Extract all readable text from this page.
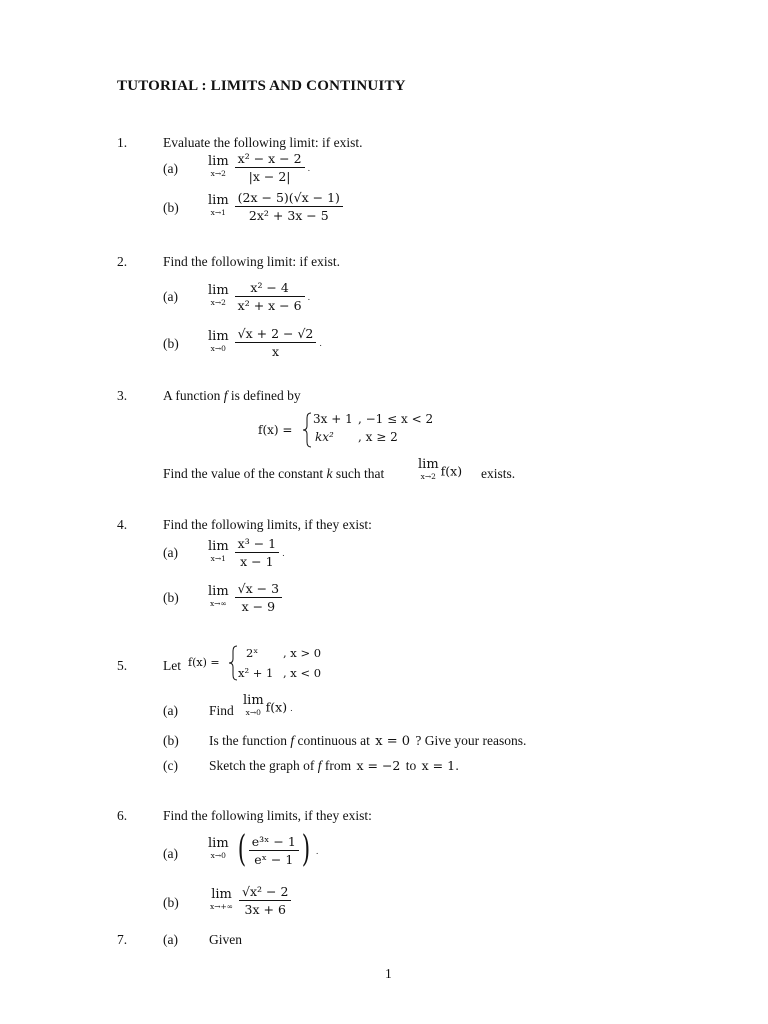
TUTORIAL : LIMITS AND CONTINUITY
1.	Evaluate the following limit: if exist.
(a) lim
$x\to 2 \frac{\text{x² − x − 2}}{|x - 2|}$ .
(b) lim
$x\to 1 \frac{(2x - 5)(√x - 1)}{\text{2x² + 3x − 5}}$
2.	Find the following limit: if exist.
(a) lim
$x\to 2 \frac{\text{x² − 4}}{\text{x² + x − 6}}$ .
(b) lim
$x\to 0 \frac{√x + 2 - √2}{x}$ .
3.	A function f is defined by
f(x) =
3x + 1 , −1 ≤ x < 2
kx² , x ≥ 2
Find the value of the constant k such that
lim
x→2 f(x) exists.
4.	Find the following limits, if they exist:
(a) lim
$x\to 1 \frac{\text{x³ − 1}}{x - 1}$ .
(b) lim
$x\to\infty \frac{√x - 3}{x - 9}$
5.	Let f(x) =
2ˣ , x > 0
x² + 1 , x < 0
(a) Find
lim
x→0 f(x) .
(b) Is the function f continuous at x = 0 ? Give your reasons.
(c) Sketch the graph of f from x = −2 to x = 1.
6.	Find the following limits, if they exist:
(a)
lim
x→0 ( $\frac{\text{e³ˣ − 1}}{\text{eˣ − 1}}$ ) .
(b)
lim
$x\to+\infty \frac{\text{√x² − 2}}{3x + 6}$
7.	(a) Given
1
